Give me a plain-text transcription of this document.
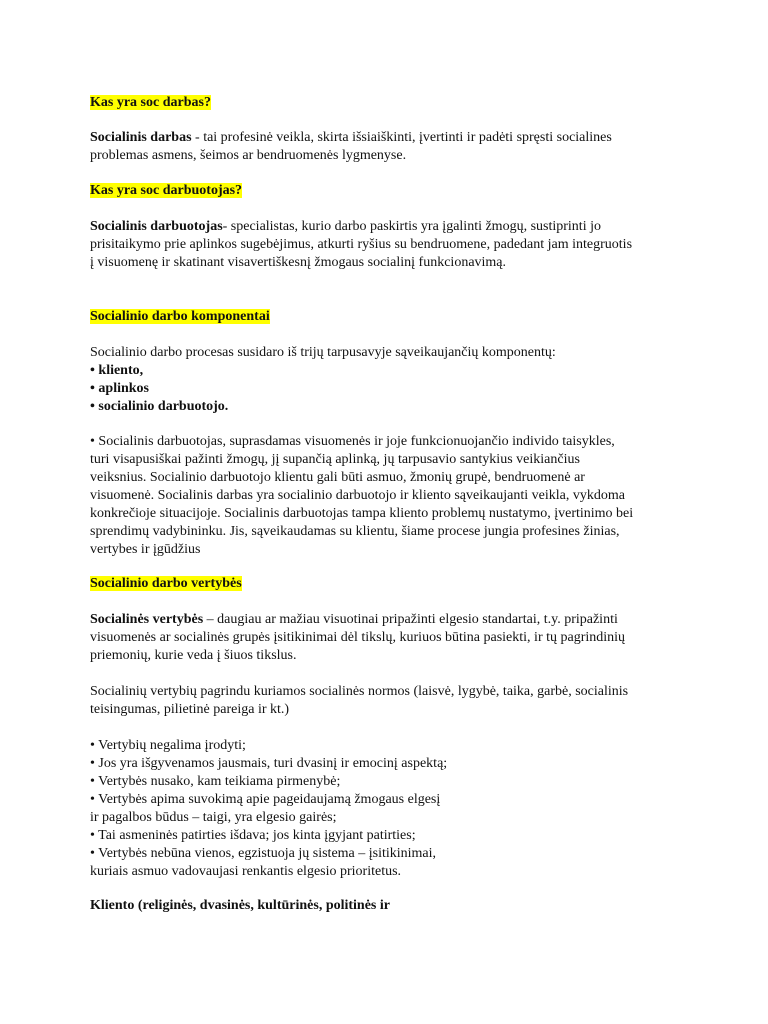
Kas yra soc darbas?
Socialinis darbas - tai profesinė veikla, skirta išsiaiškinti, įvertinti ir padėti spręsti socialines
problemas asmens, šeimos ar bendruomenės lygmenyse.
Kas yra soc darbuotojas?
Socialinis darbuotojas- specialistas, kurio darbo paskirtis yra įgalinti žmogų, sustiprinti jo
prisitaikymo prie aplinkos sugebėjimus, atkurti ryšius su bendruomene, padedant jam integruotis
į visuomenę ir skatinant visavertiškesnį žmogaus socialinį funkcionavimą.
Socialinio darbo komponentai
Socialinio darbo procesas susidaro iš trijų tarpusavyje sąveikaujančių komponentų:
• kliento,
• aplinkos
• socialinio darbuotojo.
• Socialinis darbuotojas, suprasdamas visuomenės ir joje funkcionuojančio individo taisykles,
turi visapusiškai pažinti žmogų, jį supančią aplinką, jų tarpusavio santykius veikiančius
veiksnius. Socialinio darbuotojo klientu gali būti asmuo, žmonių grupė, bendruomenė ar
visuomenė. Socialinis darbas yra socialinio darbuotojo ir kliento sąveikaujanti veikla, vykdoma
konkrečioje situacijoje. Socialinis darbuotojas tampa kliento problemų nustatymo, įvertinimo bei
sprendimų vadybininku. Jis, sąveikaudamas su klientu, šiame procese jungia profesines žinias,
vertybes ir įgūdžius
Socialinio darbo vertybės
Socialinės vertybės – daugiau ar mažiau visuotinai pripažinti elgesio standartai, t.y. pripažinti
visuomenės ar socialinės grupės įsitikinimai dėl tikslų, kuriuos būtina pasiekti, ir tų pagrindinių
priemonių, kurie veda į šiuos tikslus.
Socialinių vertybių pagrindu kuriamos socialinės normos (laisvė, lygybė, taika, garbė, socialinis
teisingumas, pilietinė pareiga ir kt.)
• Vertybių negalima įrodyti;
• Jos yra išgyvenamos jausmais, turi dvasinį ir emocinį aspektą;
• Vertybės nusako, kam teikiama pirmenybė;
• Vertybės apima suvokimą apie pageidaujamą žmogaus elgesį
ir pagalbos būdus – taigi, yra elgesio gairės;
• Tai asmeninės patirties išdava; jos kinta įgyjant patirties;
• Vertybės nebūna vienos, egzistuoja jų sistema – įsitikinimai,
kuriais asmuo vadovaujasi renkantis elgesio prioritetus.
Kliento (religinės, dvasinės, kultūrinės, politinės ir
